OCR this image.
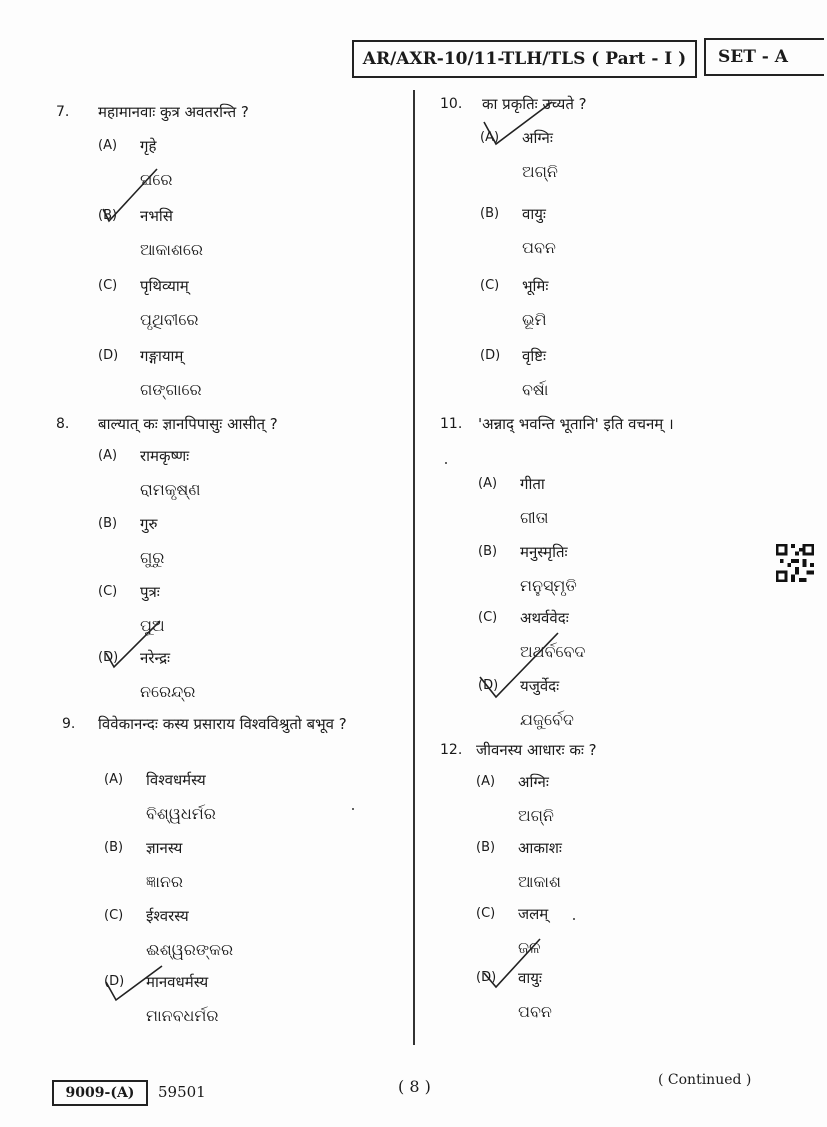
AR/AXR-10/11-TLH/TLS ( Part - I ) SET - A
7. महामानवाः कुत्र अवतरन्ति ?
(A) गृहे
ଘରେ
(B) नभसि
ଆକାଶରେ
(C) पृथिव्याम्
ପୃଥିବୀରେ
(D) गङ्गायाम्
ଗଙ୍ଗାରେ
8. बाल्यात् कः ज्ञानपिपासुः आसीत् ?
(A) रामकृष्णः
ରାମକୃଷ୍ଣ
(B) गुरु
ଗୁରୁ
(C) पुत्रः
ପୁଅ
(D) नरेन्द्रः
ନରେନ୍ଦ୍ର
9. विवेकानन्दः कस्य प्रसाराय विश्वविश्रुतो बभूव ?
(A) विश्वधर्मस्य
ବିଶ୍ୱଧର୍ମର
(B) ज्ञानस्य
ଜ୍ଞାନର
(C) ईश्वरस्य
ଈଶ୍ୱରଙ୍କର
(D) मानवधर्मस्य
ମାନବଧର୍ମର
10. का प्रकृतिः उच्यते ?
(A) अग्निः
ଅଗ୍ନି
(B) वायुः
ପବନ
(C) भूमिः
ଭୂମି
(D) वृष्टिः
ବର୍ଷା
11. 'अन्नाद् भवन्ति भूतानि' इति वचनम् ।
(A) गीता
ଗୀତା
(B) मनुस्मृतिः
ମନୁସ୍ମୃତି
(C) अथर्ववेदः
ଅଥର୍ବବେଦ
(D) यजुर्वेदः
ଯଜୁର୍ବେଦ
12. जीवनस्य आधारः कः ?
(A) अग्निः
ଅଗ୍ନି
(B) आकाशः
ଆକାଶ
(C) जलम्
ଜଳ
(D) वायुः
ପବନ
9009-(A) 59501	( 8 )	( Continued )
